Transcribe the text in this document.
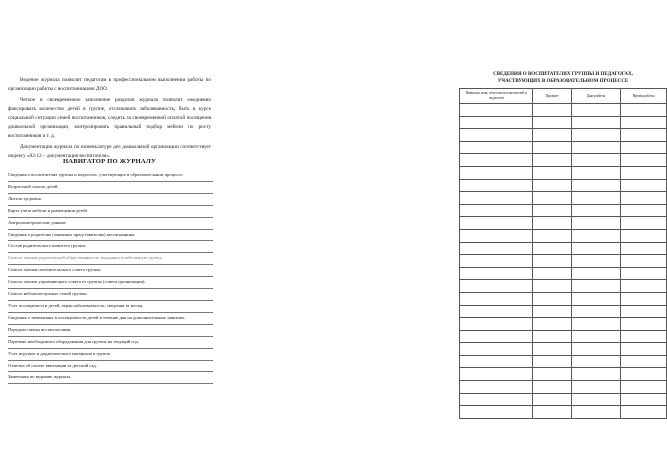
Ведение журнала позволит педагогам в профессиональном выполнении работы по организации работы с воспитанниками ДОО.

Четкое и своевременное заполнение разделов журнала позволит ежедневно фиксировать количество детей в группе, отслеживать заболеваемость, быть в курсе социальной ситуации семей воспитанников, следить за своевременной оплатой посещения дошкольной организации, контролировать правильный подбор мебели по росту воспитанников и т. д.

Документация журнала по номенклатуре дел дошкольной организации соответствует индексу «02-12 – документация воспитателя».

НАВИГАТОР ПО ЖУРНАЛУ
Сведения о воспитателях группы и педагогах, участвующих в образовательном процессе.
Возрастной список детей.
Листок здоровья.
Карта учета мебели и размещения детей.
Антропометрические данные.
Сведения о родителях (законных представителях) воспитанника.
Состав родительского комитета группы.
Список членов родительской общественности, входящих в небольшую группу.
Список членов попечительского совета группы.
Список членов управляющего совета от группы (совета организации).
Список неблагополучных семей группы.
Учет посещаемости детей, экран заболеваемости, сведения за месяц.
Сведения о замечаниях в посещаемости детей в течение дня на дополнительных занятиях.
Передача смены воспитателями.
Перечень необходимого оборудования для группы на текущий год.
Учет игрушек и дидактического материала в группе.
Отметка об оплате квитанции за детский сад.
Замечания по ведению журнала.
СВЕДЕНИЯ О ВОСПИТАТЕЛЯХ ГРУППЫ И ПЕДАГОГАХ,
УЧАСТВУЮЩИХ В ОБРАЗОВАТЕЛЬНОМ ПРОЦЕССЕ
Фамилия, имя, отчество воспитателей и педагогов	Предмет	Дни работы	Время работы
